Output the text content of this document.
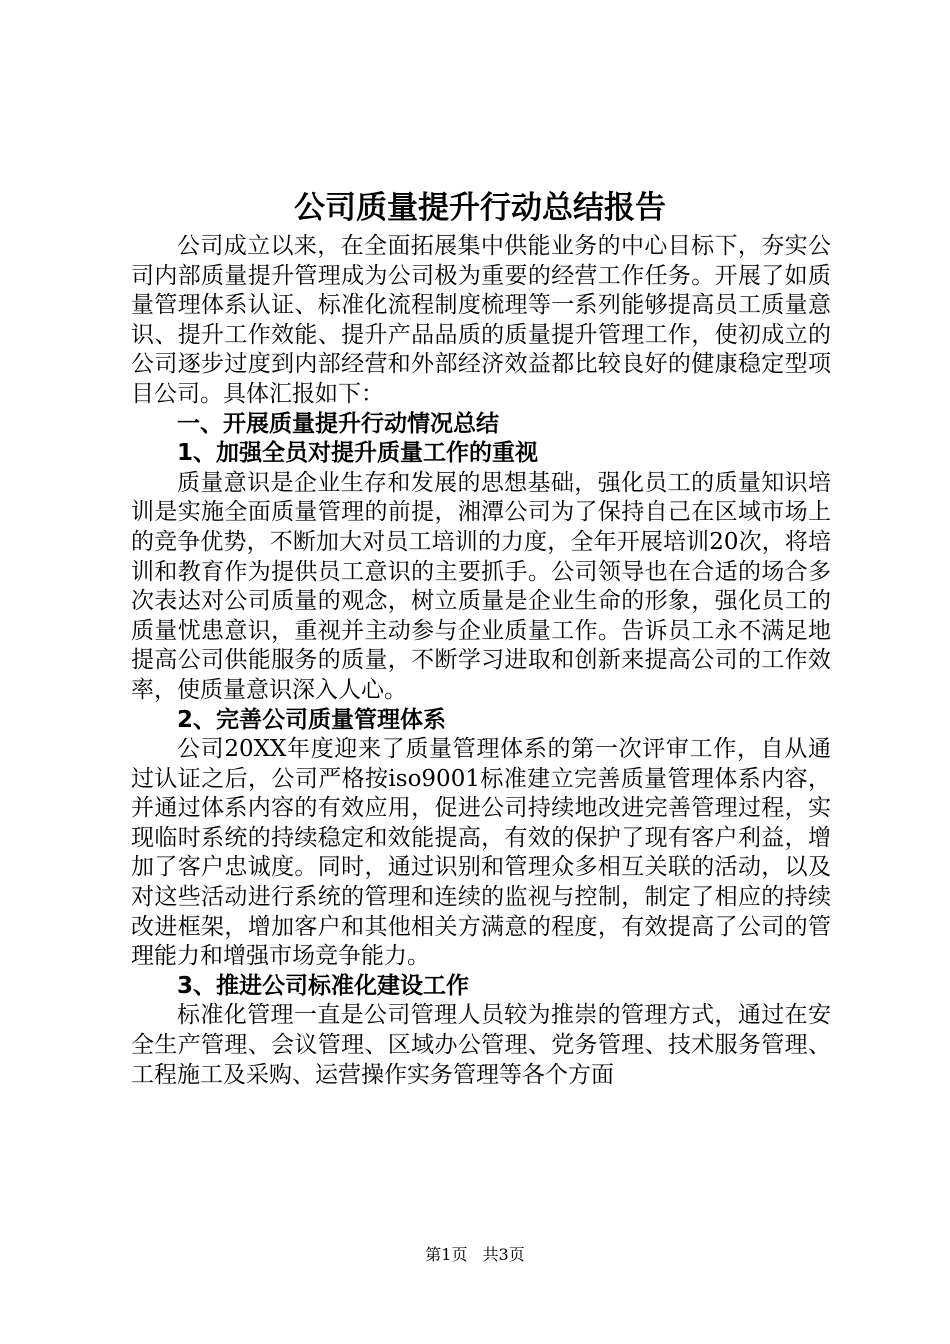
公司质量提升行动总结报告

公司成立以来，在全面拓展集中供能业务的中心目标下，夯实公司内部质量提升管理成为公司极为重要的经营工作任务。开展了如质量管理体系认证、标准化流程制度梳理等一系列能够提高员工质量意识、提升工作效能、提升产品品质的质量提升管理工作，使初成立的公司逐步过度到内部经营和外部经济效益都比较良好的健康稳定型项目公司。具体汇报如下：

一、开展质量提升行动情况总结

1、加强全员对提升质量工作的重视

质量意识是企业生存和发展的思想基础，强化员工的质量知识培训是实施全面质量管理的前提，湘潭公司为了保持自己在区域市场上的竞争优势，不断加大对员工培训的力度，全年开展培训20次，将培训和教育作为提供员工意识的主要抓手。公司领导也在合适的场合多次表达对公司质量的观念，树立质量是企业生命的形象，强化员工的质量忧患意识，重视并主动参与企业质量工作。告诉员工永不满足地提高公司供能服务的质量，不断学习进取和创新来提高公司的工作效率，使质量意识深入人心。

2、完善公司质量管理体系

公司20XX年度迎来了质量管理体系的第一次评审工作，自从通过认证之后，公司严格按iso9001标准建立完善质量管理体系内容，并通过体系内容的有效应用，促进公司持续地改进完善管理过程，实现临时系统的持续稳定和效能提高，有效的保护了现有客户利益，增加了客户忠诚度。同时，通过识别和管理众多相互关联的活动，以及对这些活动进行系统的管理和连续的监视与控制，制定了相应的持续改进框架，增加客户和其他相关方满意的程度，有效提高了公司的管理能力和增强市场竞争能力。

3、推进公司标准化建设工作

标准化管理一直是公司管理人员较为推崇的管理方式，通过在安全生产管理、会议管理、区域办公管理、党务管理、技术服务管理、工程施工及采购、运营操作实务管理等各个方面

第1页 共3页
